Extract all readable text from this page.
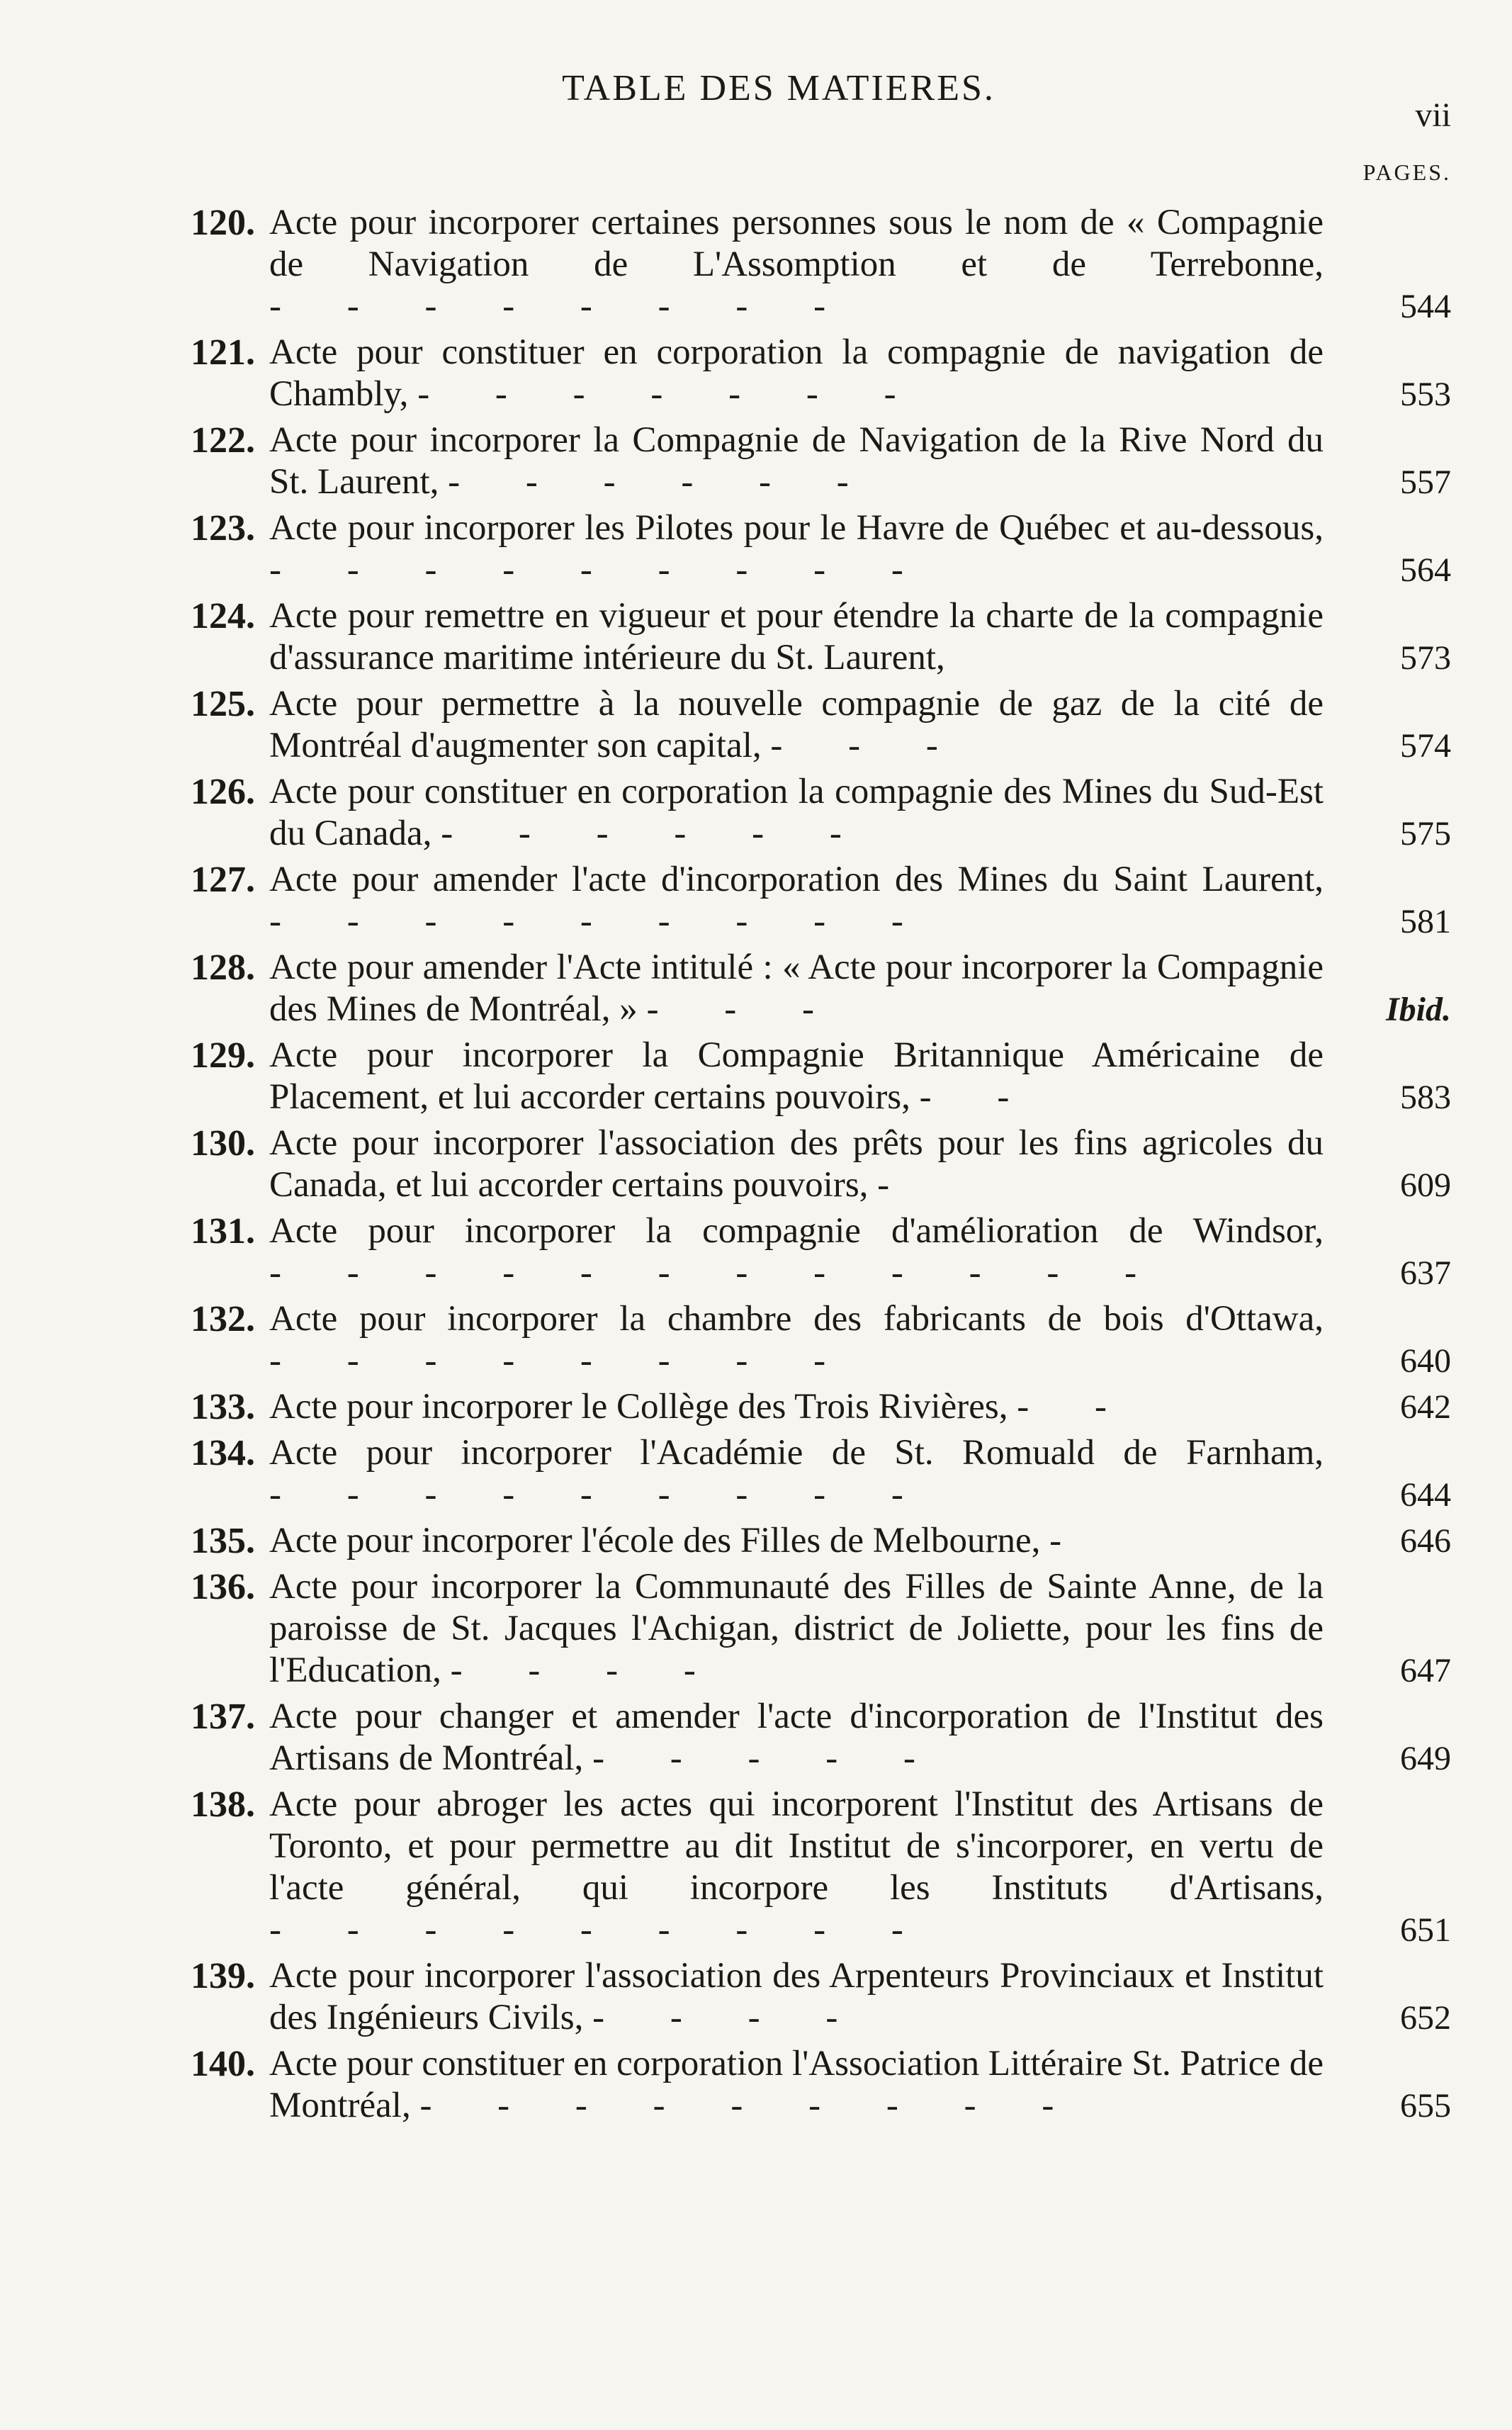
TABLE DES MATIERES.
vii
PAGES.
120. Acte pour incorporer certaines personnes sous le nom de « Compagnie de Navigation de L'Assomption et de Terrebonne, - - - - - - - -	544
121. Acte pour constituer en corporation la compagnie de navigation de Chambly, - - - - - - -	553
122. Acte pour incorporer la Compagnie de Navigation de la Rive Nord du St. Laurent, - - - - - -	557
123. Acte pour incorporer les Pilotes pour le Havre de Québec et au-dessous, - - - - - - - - -	564
124. Acte pour remettre en vigueur et pour étendre la charte de la compagnie d'assurance maritime intérieure du St. Laurent,	573
125. Acte pour permettre à la nouvelle compagnie de gaz de la cité de Montréal d'augmenter son capital, - - -	574
126. Acte pour constituer en corporation la compagnie des Mines du Sud-Est du Canada, - - - - - -	575
127. Acte pour amender l'acte d'incorporation des Mines du Saint Laurent, - - - - - - - - -	581
128. Acte pour amender l'Acte intitulé : « Acte pour incorporer la Compagnie des Mines de Montréal, » - - -	Ibid.
129. Acte pour incorporer la Compagnie Britannique Américaine de Placement, et lui accorder certains pouvoirs, - -	583
130. Acte pour incorporer l'association des prêts pour les fins agricoles du Canada, et lui accorder certains pouvoirs, -	609
131. Acte pour incorporer la compagnie d'amélioration de Windsor, - - - - - - - - - - - -	637
132. Acte pour incorporer la chambre des fabricants de bois d'Ottawa, - - - - - - - -	640
133. Acte pour incorporer le Collège des Trois Rivières, - -	642
134. Acte pour incorporer l'Académie de St. Romuald de Farnham, - - - - - - - - -	644
135. Acte pour incorporer l'école des Filles de Melbourne, -	646
136. Acte pour incorporer la Communauté des Filles de Sainte Anne, de la paroisse de St. Jacques l'Achigan, district de Joliette, pour les fins de l'Education, - - - -	647
137. Acte pour changer et amender l'acte d'incorporation de l'Institut des Artisans de Montréal, - - - - -	649
138. Acte pour abroger les actes qui incorporent l'Institut des Artisans de Toronto, et pour permettre au dit Institut de s'incorporer, en vertu de l'acte général, qui incorpore les Instituts d'Artisans, - - - - - - - - -	651
139. Acte pour incorporer l'association des Arpenteurs Provinciaux et Institut des Ingénieurs Civils, - - - -	652
140. Acte pour constituer en corporation l'Association Littéraire St. Patrice de Montréal, - - - - - - - - -	655
